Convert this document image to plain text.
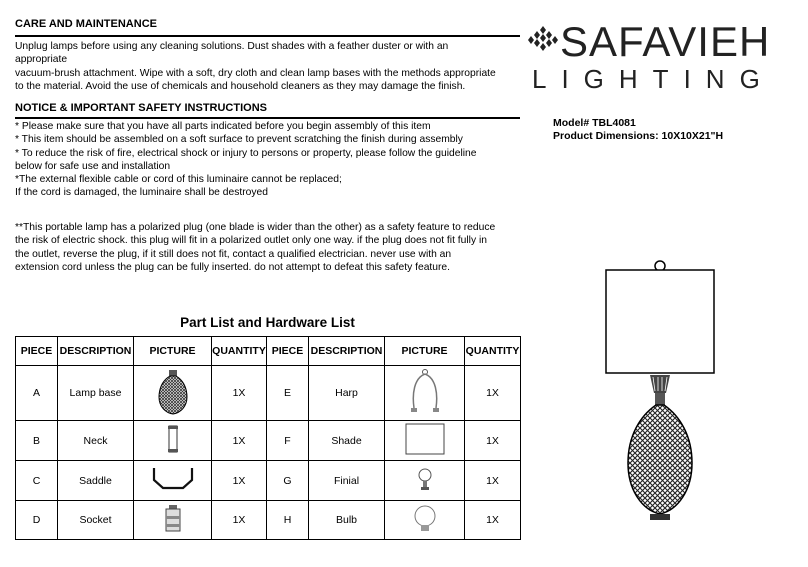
CARE AND MAINTENANCE
Unplug lamps before using any cleaning solutions. Dust shades with a feather duster or with an
appropriate
vacuum-brush attachment. Wipe with a soft, dry cloth and clean lamp bases with the methods appropriate
to the material. Avoid the use of chemicals and household cleaners as they may damage the finish.
NOTICE & IMPORTANT SAFETY INSTRUCTIONS
* Please make sure that you have all parts indicated before you begin assembly of this item
* This item should be assembled on a soft surface to prevent scratching the finish during assembly
* To reduce the risk of fire, electrical shock or injury to persons or property, please follow the guideline
below for safe use and installation
*The external flexible cable or cord of this luminaire cannot be replaced;
If the cord is damaged, the luminaire shall be destroyed
**This portable lamp has a polarized plug (one blade is wider than the other) as a safety feature to reduce
the risk of electric shock. this plug will fit in a polarized outlet only one way. if the plug does not fit fully in
the outlet, reverse the plug, if it still does not fit, contact a qualified electrician. never use with an
extension cord unless the plug can be fully inserted. do not attempt to defeat this safety feature.
SAFAVIEH
LIGHTING
Model# TBL4081
Product Dimensions: 10X10X21"H
Part List and Hardware List
PIECE	DESCRIPTION	PICTURE	QUANTITY	PIECE	DESCRIPTION	PICTURE	QUANTITY
A	Lamp base		1X	E	Harp		1X
B	Neck		1X	F	Shade		1X
C	Saddle		1X	G	Finial		1X
D	Socket		1X	H	Bulb		1X
